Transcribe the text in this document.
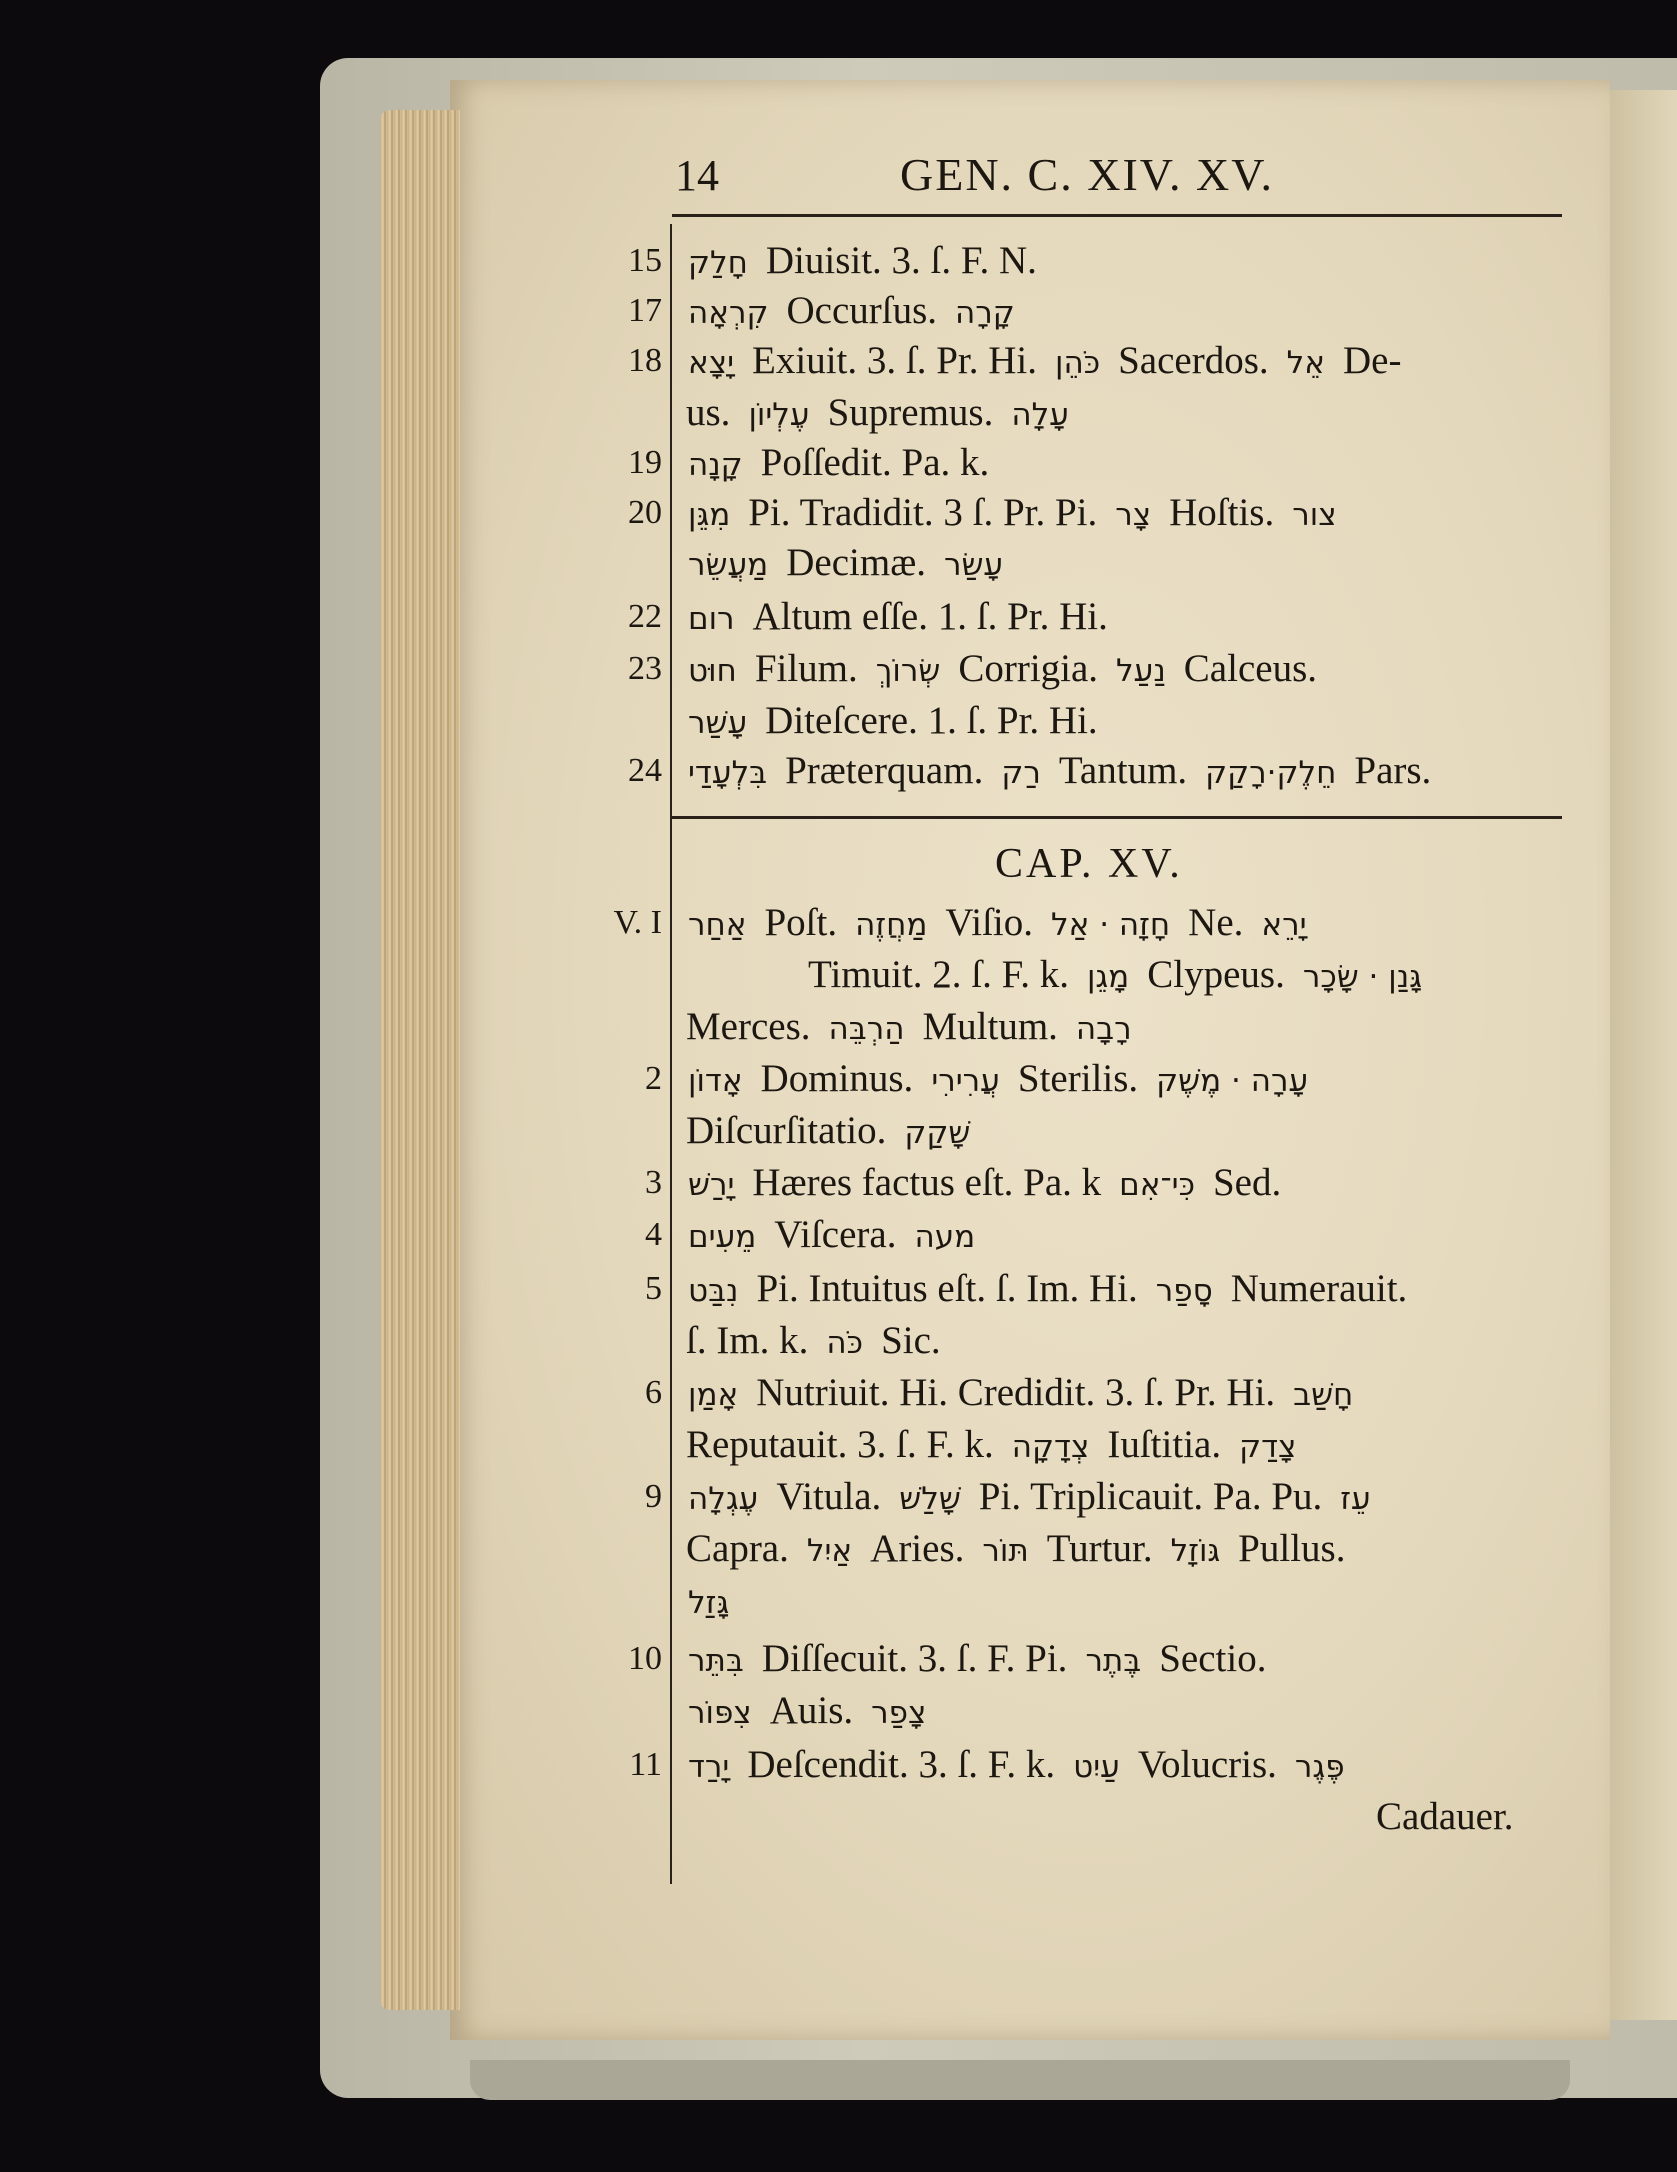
14	GEN. C. XIV. XV.
15 חָלַק Diuisit. 3. ſ. F. N.
17 קִרְאָה Occurſus. קָרָה
18 יָצָא Exiuit. 3. ſ. Pr. Hi. כֹּהֵן Sacerdos. אֵל De-
us. עֶלְיוֹן Supremus. עָלָה
19 קָנָה Poſſedit. Pa. k.
20 מִגֵּן Pi. Tradidit. 3 ſ. Pr. Pi. צָר Hoſtis. צור
מַעֲשֵׂר Decimæ. עָשַׂר
22 רום Altum eſſe. 1. ſ. Pr. Hi.
23 חוּט Filum. שְׂרוֹךְ Corrigia. נַעַל Calceus.
עָשַׁר Diteſcere. 1. ſ. Pr. Hi.
24 בִּלְעָדַי Præterquam. רַק Tantum. חֵלֶק·רָקַק Pars.
V. I אַחַר Poſt. מַחֲזֶה Viſio. חָזָה · אַל Ne. יָרֵא
Timuit. 2. ſ. F. k. מָגֵן Clypeus. גָּנַן · שָׂכָר
Merces. הַרְבֵּה Multum. רָבָה
2 אָדוֹן Dominus. עֲרִירִי Sterilis. עָרָה · מֶשֶׁק
Diſcurſitatio. שָׁקַק
3 יָרַשׁ Hæres factus eſt. Pa. k כִּי־אִם Sed.
4 מֵעִים Viſcera. מעה
5 נִבַּט Pi. Intuitus eſt. ſ. Im. Hi. סָפַר Numerauit.
ſ. Im. k. כֹּה Sic.
6 אָמַן Nutriuit. Hi. Credidit. 3. ſ. Pr. Hi. חָשַׁב
Reputauit. 3. ſ. F. k. צְדָקָה Iuſtitia. צָדַק
9 עֶגְלָה Vitula. שָׁלַשׁ Pi. Triplicauit. Pa. Pu. עֵז
Capra. אַיִל Aries. תּוֹר Turtur. גּוֹזָל Pullus.
גָּזַל
10 בִּתֵּר Diſſecuit. 3. ſ. F. Pi. בֶּתֶר Sectio.
צִפּוֹר Auis. צָפַר
11 יָרַד Deſcendit. 3. ſ. F. k. עַיִט Volucris. פֶּגֶר
Cadauer.
CAP. XV.
